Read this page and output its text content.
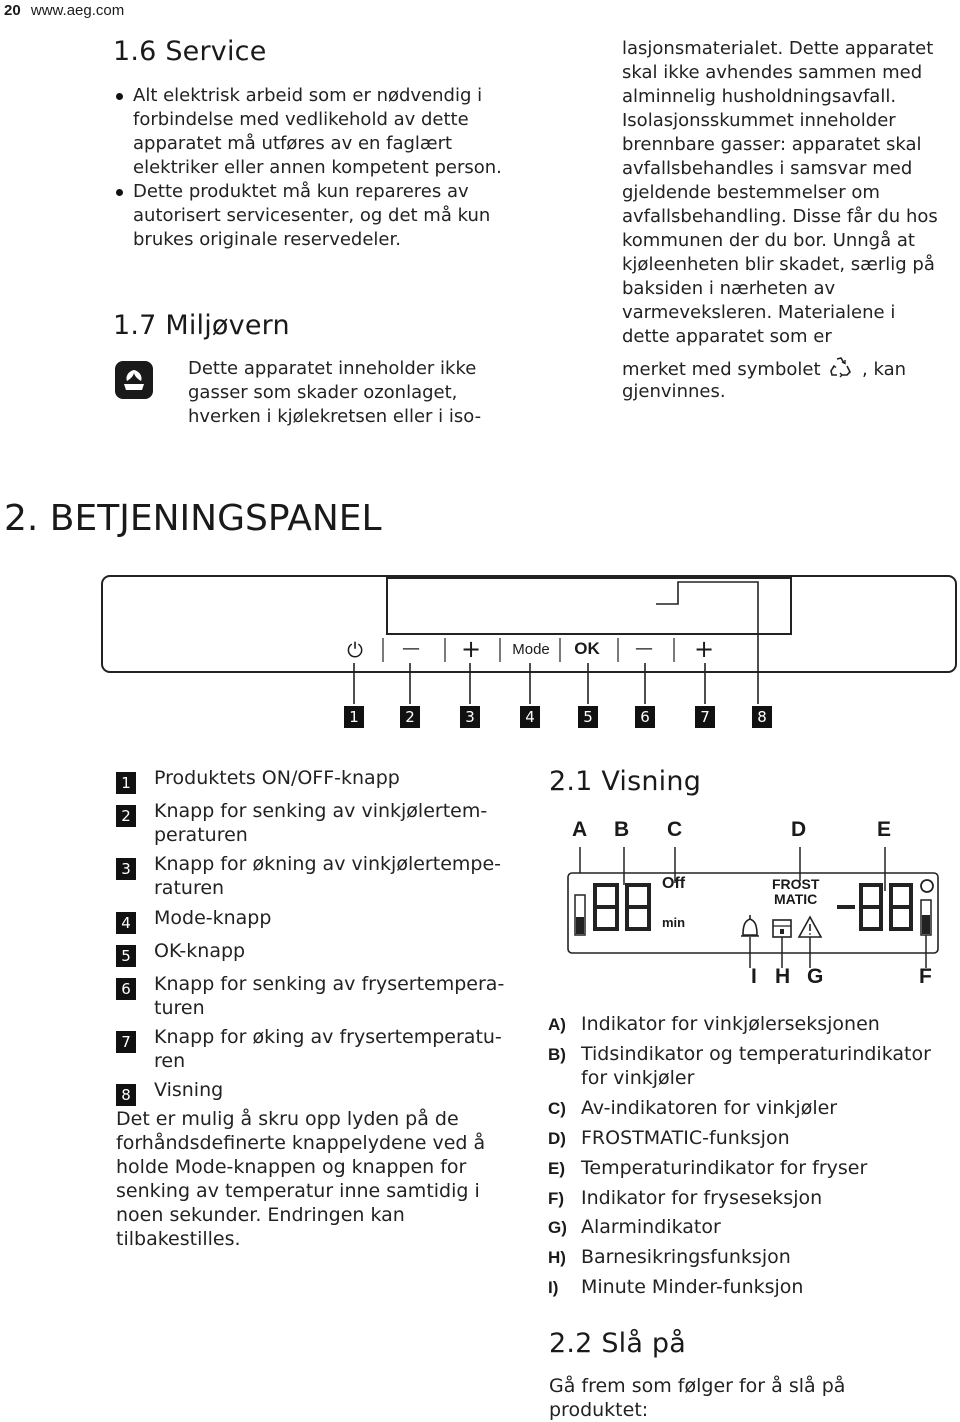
20 www.aeg.com
1.6 Service
Alt elektrisk arbeid som er nødvendig i forbindelse med vedlikehold av dette apparatet må utføres av en faglært elektriker eller annen kompetent person.
Dette produktet må kun repareres av autorisert servicesenter, og det må kun brukes originale reservedeler.
1.7 Miljøvern
Dette apparatet inneholder ikke gasser som skader ozonlaget, hverken i kjølekretsen eller i iso-
lasjonsmaterialet. Dette apparatet skal ikke avhendes sammen med alminnelig husholdningsavfall. Isolasjonsskummet inneholder brennbare gasser: apparatet skal avfallsbehandles i samsvar med gjeldende bestemmelser om avfallsbehandling. Disse får du hos kommunen der du bor. Unngå at kjøleenheten blir skadet, særlig på baksiden i nærheten av varmeveksleren. Materialene i dette apparatet som er
merket med symbolet , kan
gjenvinnes.
2. BETJENINGSPANEL
⏻ — + Mode OK — +
1	2	3	4	5	6	7	8
1 Produktets ON/OFF-knapp
2 Knapp for senking av vinkjølertem-
peraturen
3 Knapp for økning av vinkjølertempe-
raturen
4 Mode-knapp
5 OK-knapp
6 Knapp for senking av frysertempera-
turen
7 Knapp for øking av frysertemperatu-
ren
8 Visning
Det er mulig å skru opp lyden på de forhåndsdefinerte knappelydene ved å holde Mode-knappen og knappen for senking av temperatur inne samtidig i noen sekunder. Endringen kan tilbakestilles.
2.1 Visning
A B C	D	E
Off
min
FROST
MATIC
I H G	F
A) Indikator for vinkjølerseksjonen
B) Tidsindikator og temperaturindikator
for vinkjøler
C) Av-indikatoren for vinkjøler
D) FROSTMATIC-funksjon
E) Temperaturindikator for fryser
F) Indikator for fryseseksjon
G) Alarmindikator
H) Barnesikringsfunksjon
I) Minute Minder-funksjon
2.2 Slå på
Gå frem som følger for å slå på produktet:
